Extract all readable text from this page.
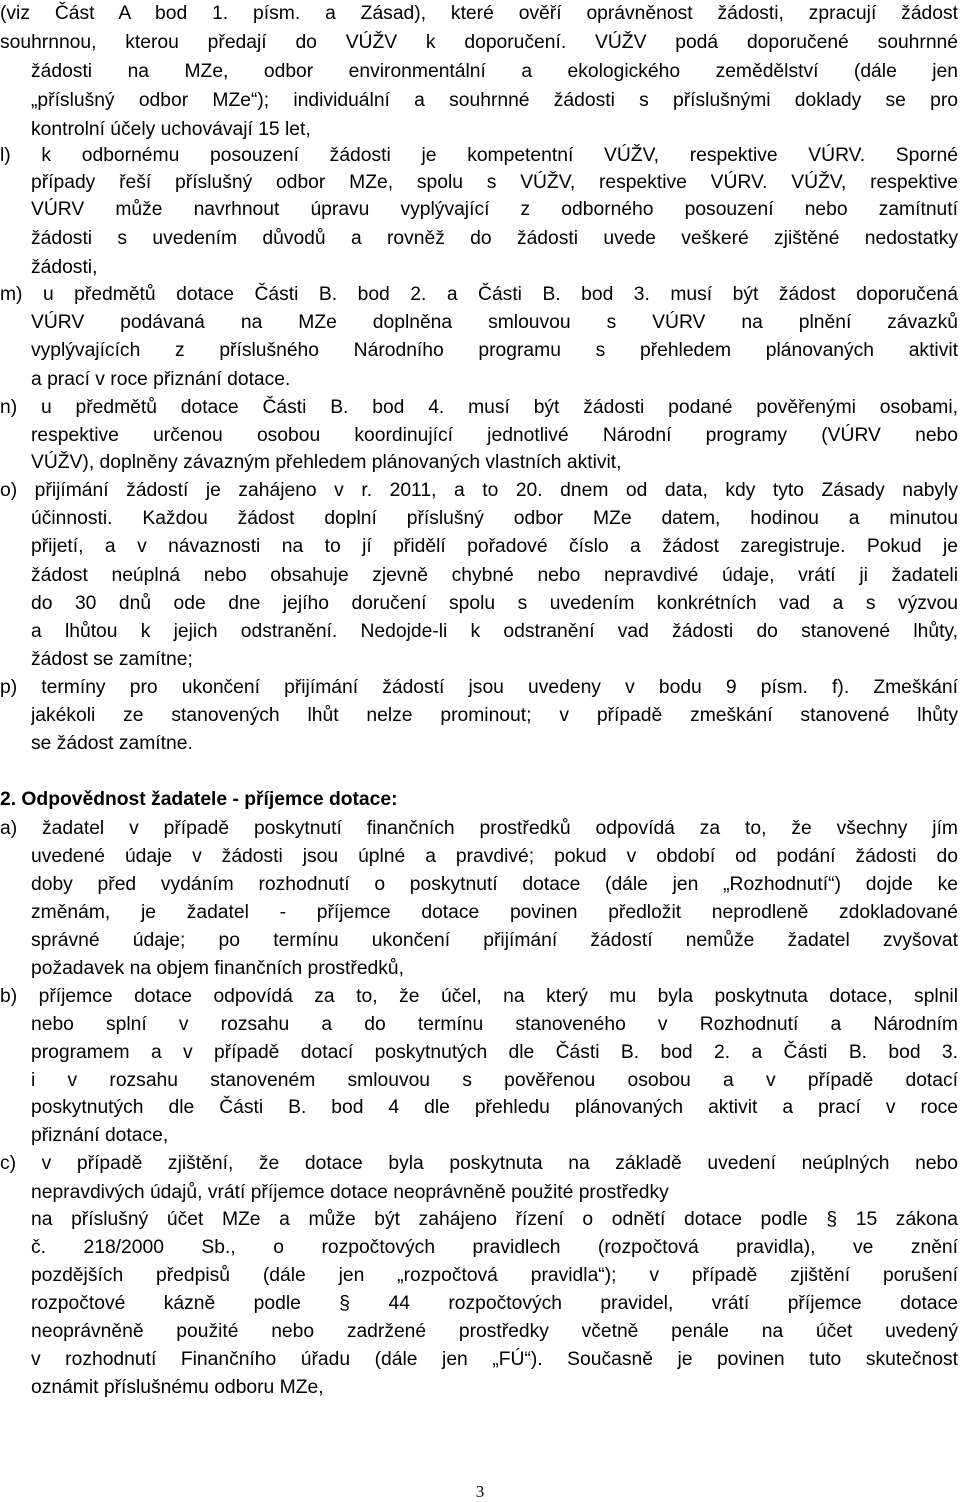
(viz Část A bod 1. písm. a Zásad), které ověří oprávněnost žádosti, zpracují žádost
souhrnnou, kterou předají do VÚŽV k doporučení. VÚŽV podá doporučené souhrnné
žádosti na MZe, odbor environmentální a ekologického zemědělství (dále jen
„příslušný odbor MZe“); individuální a souhrnné žádosti s příslušnými doklady se pro
kontrolní účely uchovávají 15 let,
l) k odbornému posouzení žádosti je kompetentní VÚŽV, respektive VÚRV. Sporné
případy řeší příslušný odbor MZe, spolu s VÚŽV, respektive VÚRV. VÚŽV, respektive
VÚRV může navrhnout úpravu vyplývající z odborného posouzení nebo zamítnutí
žádosti s uvedením důvodů a rovněž do žádosti uvede veškeré zjištěné nedostatky
žádosti,
m) u předmětů dotace Části B. bod 2. a Části B. bod 3. musí být žádost doporučená
VÚRV podávaná na MZe doplněna smlouvou s VÚRV na plnění závazků
vyplývajících z příslušného Národního programu s přehledem plánovaných aktivit
a prací v roce přiznání dotace.
n) u předmětů dotace Části B. bod 4. musí být žádosti podané pověřenými osobami,
respektive určenou osobou koordinující jednotlivé Národní programy (VÚRV nebo
VÚŽV), doplněny závazným přehledem plánovaných vlastních aktivit,
o) přijímání žádostí je zahájeno v r. 2011, a to 20. dnem od data, kdy tyto Zásady nabyly
účinnosti. Každou žádost doplní příslušný odbor MZe datem, hodinou a minutou
přijetí, a v návaznosti na to jí přidělí pořadové číslo a žádost zaregistruje. Pokud je
žádost neúplná nebo obsahuje zjevně chybné nebo nepravdivé údaje, vrátí ji žadateli
do 30 dnů ode dne jejího doručení spolu s uvedením konkrétních vad a s výzvou
a lhůtou k jejich odstranění. Nedojde-li k odstranění vad žádosti do stanovené lhůty,
žádost se zamítne;
p) termíny pro ukončení přijímání žádostí jsou uvedeny v bodu 9 písm. f). Zmeškání
jakékoli ze stanovených lhůt nelze prominout; v případě zmeškání stanovené lhůty
se žádost zamítne.
2. Odpovědnost žadatele - příjemce dotace:
a) žadatel v případě poskytnutí finančních prostředků odpovídá za to, že všechny jím
uvedené údaje v žádosti jsou úplné a pravdivé; pokud v období od podání žádosti do
doby před vydáním rozhodnutí o poskytnutí dotace (dále jen „Rozhodnutí“) dojde ke
změnám, je žadatel - příjemce dotace povinen předložit neprodleně zdokladované
správné údaje; po termínu ukončení přijímání žádostí nemůže žadatel zvyšovat
požadavek na objem finančních prostředků,
b) příjemce dotace odpovídá za to, že účel, na který mu byla poskytnuta dotace, splnil
nebo splní v rozsahu a do termínu stanoveného v Rozhodnutí a Národním
programem a v případě dotací poskytnutých dle Části B. bod 2. a Části B. bod 3.
i v rozsahu stanoveném smlouvou s pověřenou osobou a v případě dotací
poskytnutých dle Části B. bod 4 dle přehledu plánovaných aktivit a prací v roce
přiznání dotace,
c) v případě zjištění, že dotace byla poskytnuta na základě uvedení neúplných nebo
nepravdivých údajů, vrátí příjemce dotace neoprávněně použité prostředky
na příslušný účet MZe a může být zahájeno řízení o odnětí dotace podle § 15 zákona
č. 218/2000 Sb., o rozpočtových pravidlech (rozpočtová pravidla), ve znění
pozdějších předpisů (dále jen „rozpočtová pravidla“); v případě zjištění porušení
rozpočtové kázně podle § 44 rozpočtových pravidel, vrátí příjemce dotace
neoprávněně použité nebo zadržené prostředky včetně penále na účet uvedený
v rozhodnutí Finančního úřadu (dále jen „FÚ“). Současně je povinen tuto skutečnost
oznámit příslušnému odboru MZe,
3
